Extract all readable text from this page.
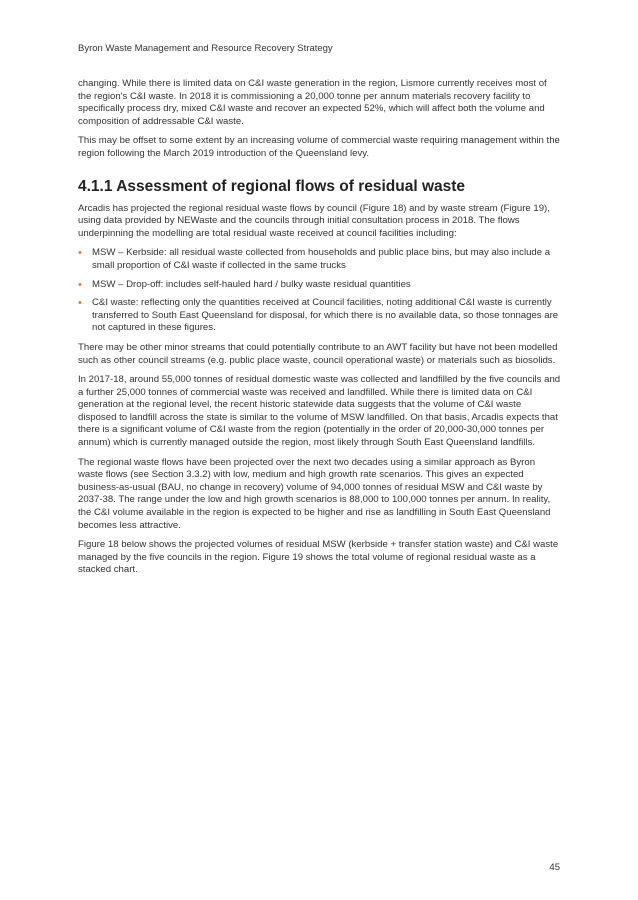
Byron Waste Management and Resource Recovery Strategy

changing. While there is limited data on C&I waste generation in the region, Lismore currently receives most of the region's C&I waste. In 2018 it is commissioning a 20,000 tonne per annum materials recovery facility to specifically process dry, mixed C&I waste and recover an expected 52%, which will affect both the volume and composition of addressable C&I waste.

This may be offset to some extent by an increasing volume of commercial waste requiring management within the region following the March 2019 introduction of the Queensland levy.

4.1.1 Assessment of regional flows of residual waste

Arcadis has projected the regional residual waste flows by council (Figure 18) and by waste stream (Figure 19), using data provided by NEWaste and the councils through initial consultation process in 2018. The flows underpinning the modelling are total residual waste received at council facilities including:

• MSW – Kerbside: all residual waste collected from households and public place bins, but may also include a small proportion of C&I waste if collected in the same trucks
• MSW – Drop-off: includes self-hauled hard / bulky waste residual quantities
• C&I waste: reflecting only the quantities received at Council facilities, noting additional C&I waste is currently transferred to South East Queensland for disposal, for which there is no available data, so those tonnages are not captured in these figures.

There may be other minor streams that could potentially contribute to an AWT facility but have not been modelled such as other council streams (e.g. public place waste, council operational waste) or materials such as biosolids.

In 2017-18, around 55,000 tonnes of residual domestic waste was collected and landfilled by the five councils and a further 25,000 tonnes of commercial waste was received and landfilled. While there is limited data on C&I generation at the regional level, the recent historic statewide data suggests that the volume of C&I waste disposed to landfill across the state is similar to the volume of MSW landfilled. On that basis, Arcadis expects that there is a significant volume of C&I waste from the region (potentially in the order of 20,000-30,000 tonnes per annum) which is currently managed outside the region, most likely through South East Queensland landfills.

The regional waste flows have been projected over the next two decades using a similar approach as Byron waste flows (see Section 3.3.2) with low, medium and high growth rate scenarios. This gives an expected business-as-usual (BAU, no change in recovery) volume of 94,000 tonnes of residual MSW and C&I waste by 2037-38. The range under the low and high growth scenarios is 88,000 to 100,000 tonnes per annum. In reality, the C&I volume available in the region is expected to be higher and rise as landfilling in South East Queensland becomes less attractive.

Figure 18 below shows the projected volumes of residual MSW (kerbside + transfer station waste) and C&I waste managed by the five councils in the region. Figure 19 shows the total volume of regional residual waste as a stacked chart.

45
